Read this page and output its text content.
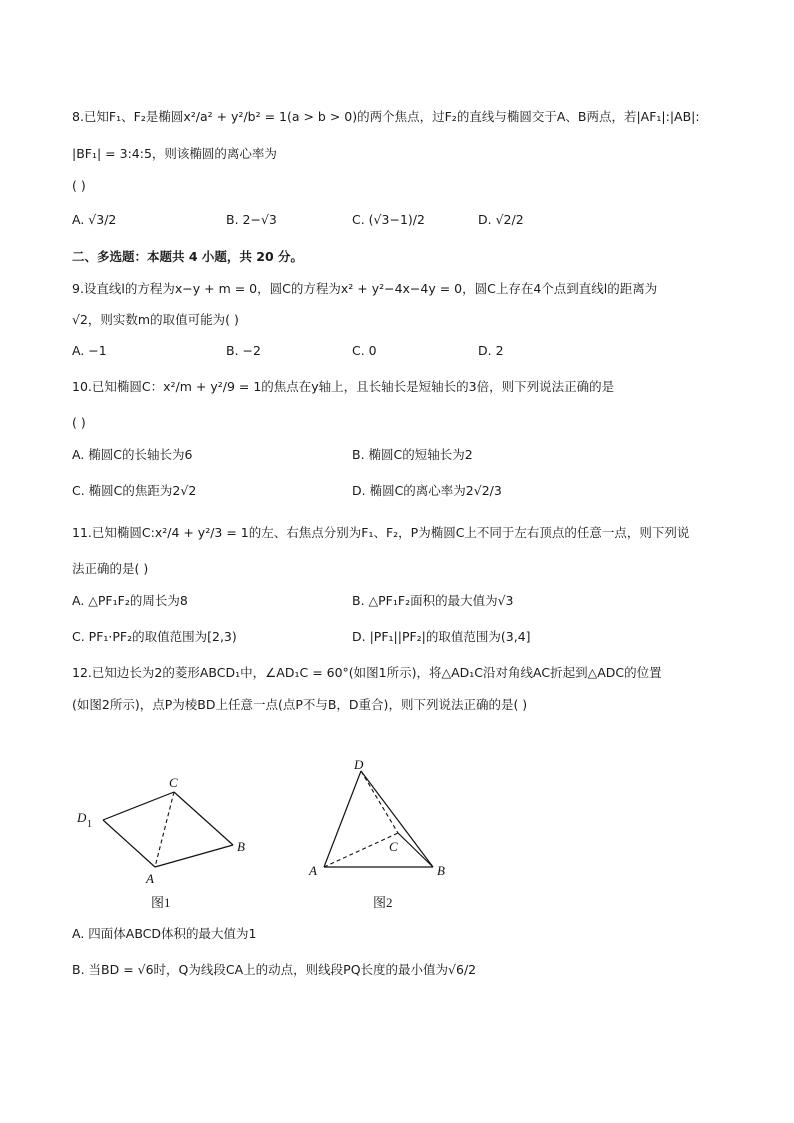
8.已知F₁、F₂是椭圆x²/a² + y²/b² = 1(a > b > 0)的两个焦点，过F₂的直线与椭圆交于A、B两点，若|AF₁|:|AB|:
|BF₁| = 3:4:5，则该椭圆的离心率为
( )
A. √3/2	B. 2−√3	C. (√3−1)/2	D. √2/2
二、多选题：本题共 4 小题，共 20 分。
9.设直线l的方程为x−y + m = 0，圆C的方程为x² + y²−4x−4y = 0，圆C上存在4个点到直线l的距离为
√2，则实数m的取值可能为( )
A. −1	B. −2	C. 0	D. 2
10.已知椭圆C：x²/m + y²/9 = 1的焦点在y轴上，且长轴长是短轴长的3倍，则下列说法正确的是
( )
A. 椭圆C的长轴长为6	B. 椭圆C的短轴长为2
C. 椭圆C的焦距为2√2	D. 椭圆C的离心率为2√2/3
11.已知椭圆C:x²/4 + y²/3 = 1的左、右焦点分别为F₁、F₂，P为椭圆C上不同于左右顶点的任意一点，则下列说
法正确的是( )
A. △PF₁F₂的周长为8	B. △PF₁F₂面积的最大值为√3
C. PF₁·PF₂的取值范围为[2,3)	D. |PF₁||PF₂|的取值范围为(3,4]
12.已知边长为2的菱形ABCD₁中，∠AD₁C = 60°(如图1所示)，将△AD₁C沿对角线AC折起到△ADC的位置
(如图2所示)，点P为棱BD上任意一点(点P不与B，D重合)，则下列说法正确的是( )
C
D 1
A
B
图1
D
C
A	B
图2
A. 四面体ABCD体积的最大值为1
B. 当BD = √6时，Q为线段CA上的动点，则线段PQ长度的最小值为√6/2
